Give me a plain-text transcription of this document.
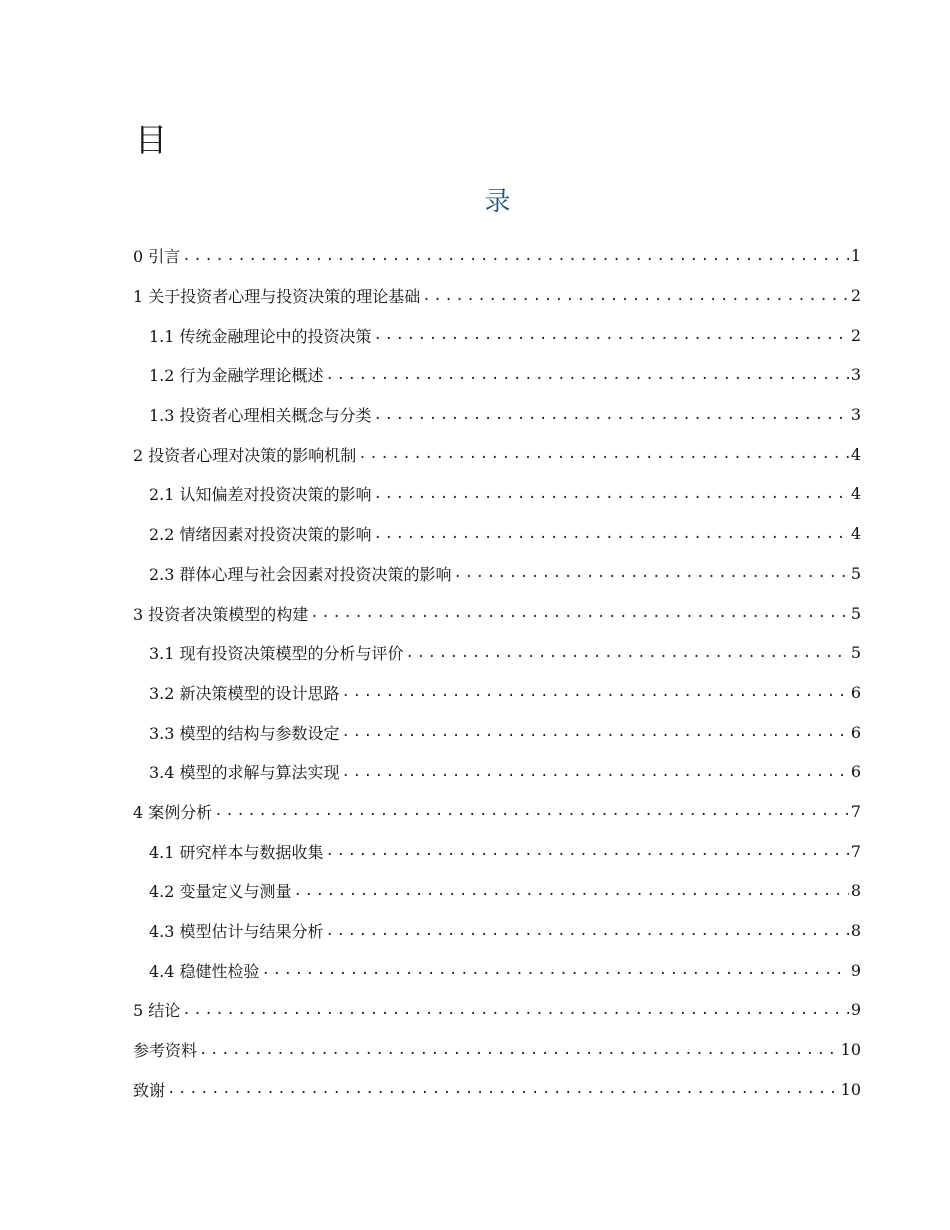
目
录
0 引言 .....	1
1 关于投资者心理与投资决策的理论基础 .....	2
1.1 传统金融理论中的投资决策 .....	2
1.2 行为金融学理论概述 .....	3
1.3 投资者心理相关概念与分类 .....	3
2 投资者心理对决策的影响机制 .....	4
2.1 认知偏差对投资决策的影响 .....	4
2.2 情绪因素对投资决策的影响 .....	4
2.3 群体心理与社会因素对投资决策的影响 .....	5
3 投资者决策模型的构建 .....	5
3.1 现有投资决策模型的分析与评价 .....	5
3.2 新决策模型的设计思路 .....	6
3.3 模型的结构与参数设定 .....	6
3.4 模型的求解与算法实现 .....	6
4 案例分析 .....	7
4.1 研究样本与数据收集 .....	7
4.2 变量定义与测量 .....	8
4.3 模型估计与结果分析 .....	8
4.4 稳健性检验 .....	9
5 结论 .....	9
参考资料 .....	10
致谢 .....	10
